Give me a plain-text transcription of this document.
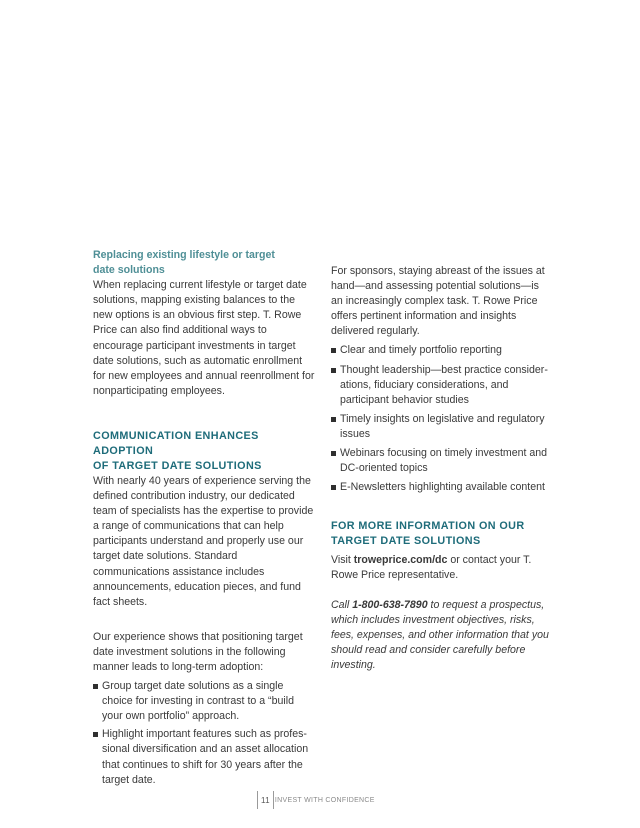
Replacing existing lifestyle or target
date solutions

When replacing current lifestyle or target date solutions, mapping existing balances to the new options is an obvious first step. T. Rowe Price can also find additional ways to encourage participant investments in target date solutions, such as automatic enrollment for new employees and annual reenrollment for nonparticipating employees.

COMMUNICATION ENHANCES ADOPTION
OF TARGET DATE SOLUTIONS

With nearly 40 years of experience serving the defined contribution industry, our dedicated team of specialists has the expertise to provide a range of communications that can help participants understand and properly use our target date solutions. Standard communications assistance includes announcements, education pieces, and fund fact sheets.

Our experience shows that positioning target date investment solutions in the following manner leads to long-term adoption:

Group target date solutions as a single choice for investing in contrast to a “build your own portfolio” approach.
Highlight important features such as professional diversification and an asset allocation that continues to shift for 30 years after the target date.

For sponsors, staying abreast of the issues at hand—and assessing potential solutions—is an increasingly complex task. T. Rowe Price offers pertinent information and insights delivered regularly.

Clear and timely portfolio reporting
Thought leadership—best practice considerations, fiduciary considerations, and participant behavior studies
Timely insights on legislative and regulatory issues
Webinars focusing on timely investment and DC-oriented topics
E-Newsletters highlighting available content
FOR MORE INFORMATION ON OUR
TARGET DATE SOLUTIONS

Visit troweprice.com/dc or contact your T. Rowe Price representative.

Call 1-800-638-7890 to request a prospectus, which includes investment objectives, risks, fees, expenses, and other information that you should read and consider carefully before investing.

11 INVEST WITH CONFIDENCE
